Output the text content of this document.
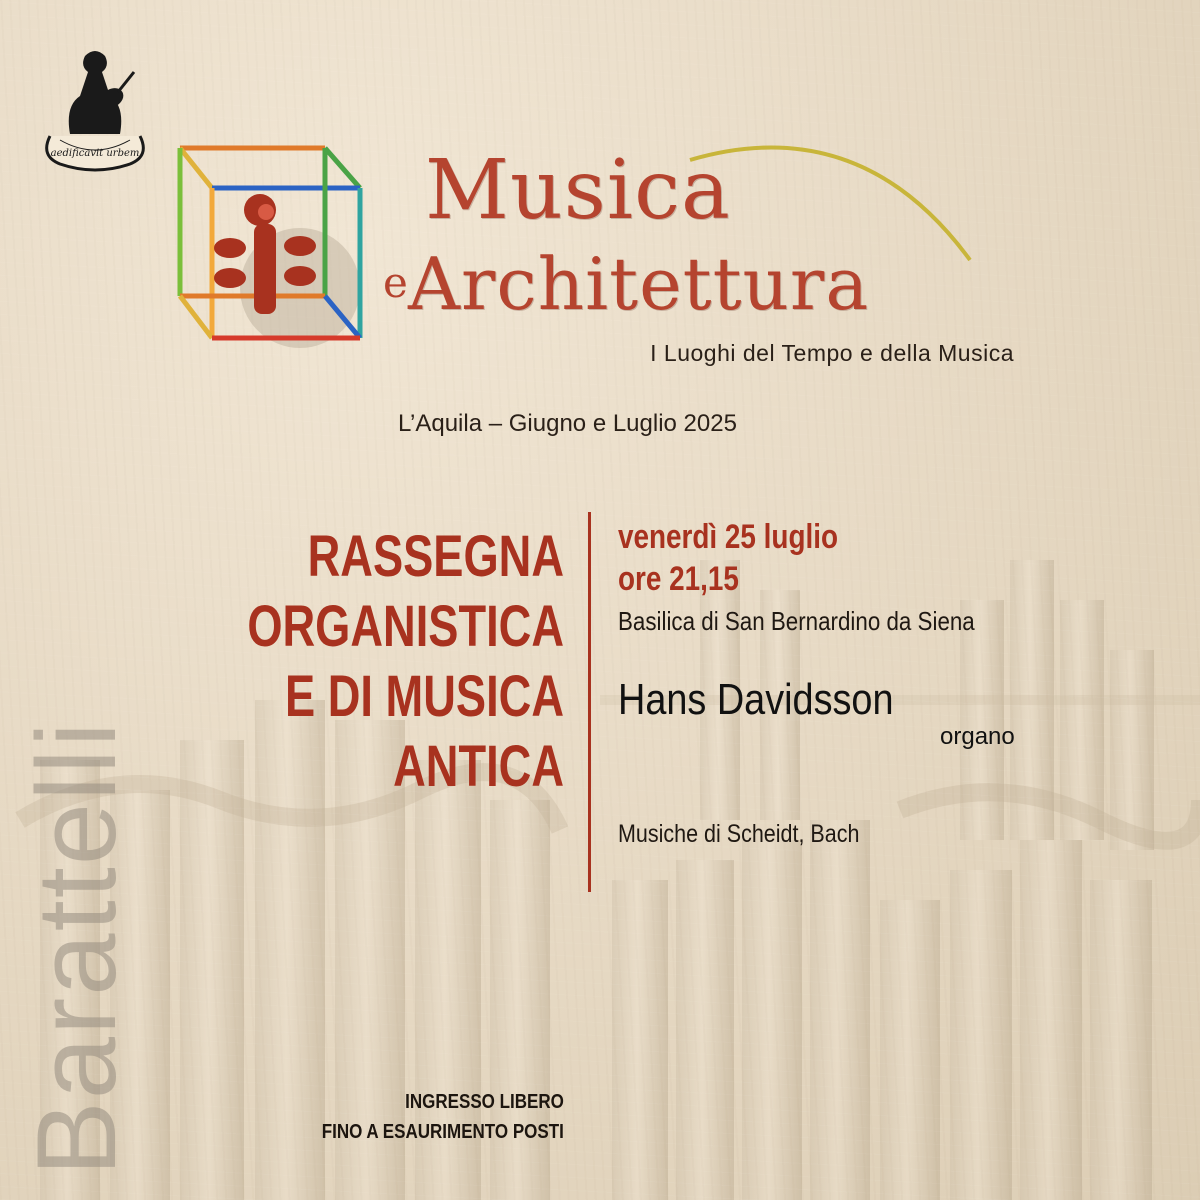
aedificavit urbem	Musica
e Architettura
I Luoghi del Tempo e della Musica
L’Aquila – Giugno e Luglio 2025
RASSEGNA
ORGANISTICA
E DI MUSICA
ANTICA
venerdì 25 luglio
ore 21,15
Basilica di San Bernardino da Siena
Hans Davidsson
organo
Musiche di Scheidt, Bach
Barattelli	INGRESSO LIBERO
FINO A ESAURIMENTO POSTI
